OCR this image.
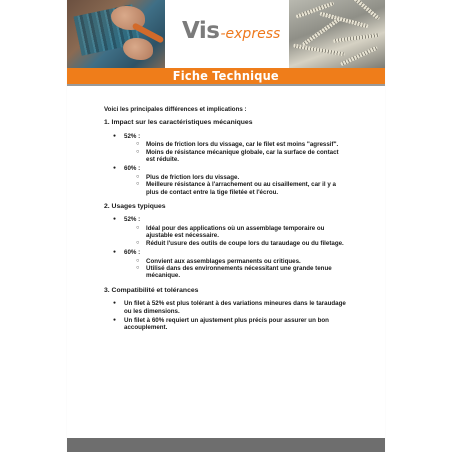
Vis -express
Fiche Technique

Voici les principales différences et implications :

1. Impact sur les caractéristiques mécaniques

● 52% :
○ Moins de friction lors du vissage, car le filet est moins "agressif".
○ Moins de résistance mécanique globale, car la surface de contact est réduite.
● 60% :
○ Plus de friction lors du vissage.
○ Meilleure résistance à l'arrachement ou au cisaillement, car il y a plus de contact entre la tige filetée et l'écrou.

2. Usages typiques

● 52% :
○ Idéal pour des applications où un assemblage temporaire ou ajustable est nécessaire.
○ Réduit l'usure des outils de coupe lors du taraudage ou du filetage.
● 60% :
○ Convient aux assemblages permanents ou critiques.
○ Utilisé dans des environnements nécessitant une grande tenue mécanique.

3. Compatibilité et tolérances

● Un filet à 52% est plus tolérant à des variations mineures dans le taraudage ou les dimensions.
● Un filet à 60% requiert un ajustement plus précis pour assurer un bon accouplement.
